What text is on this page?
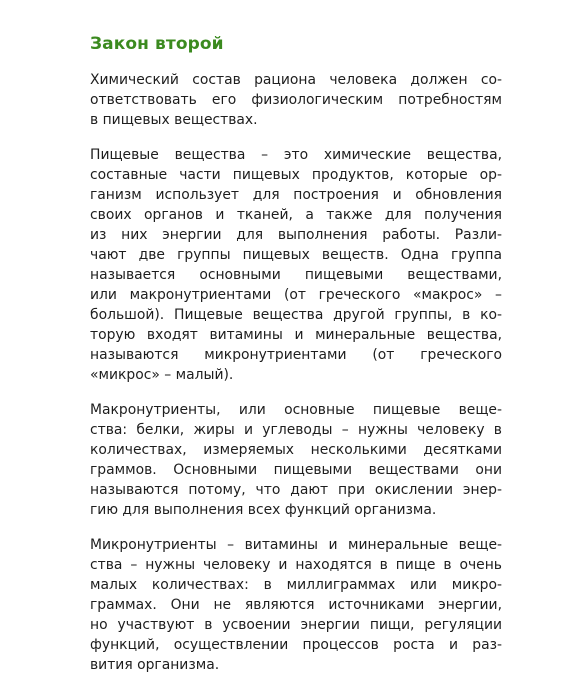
Закон второй
Химический состав рациона человека должен со-
ответствовать его физиологическим потребностям
в пищевых веществах.
Пищевые вещества – это химические вещества,
составные части пищевых продуктов, которые ор-
ганизм использует для построения и обновления
своих органов и тканей, а также для получения
из них энергии для выполнения работы. Разли-
чают две группы пищевых веществ. Одна группа
называется основными пищевыми веществами,
или макронутриентами (от греческого «макрос» –
большой). Пищевые вещества другой группы, в ко-
торую входят витамины и минеральные вещества,
называются микронутриентами (от греческого
«микрос» – малый).
Макронутриенты, или основные пищевые веще-
ства: белки, жиры и углеводы – нужны человеку в
количествах, измеряемых несколькими десятками
граммов. Основными пищевыми веществами они
называются потому, что дают при окислении энер-
гию для выполнения всех функций организма.
Микронутриенты – витамины и минеральные веще-
ства – нужны человеку и находятся в пище в очень
малых количествах: в миллиграммах или микро-
граммах. Они не являются источниками энергии,
но участвуют в усвоении энергии пищи, регуляции
функций, осуществлении процессов роста и раз-
вития организма.
